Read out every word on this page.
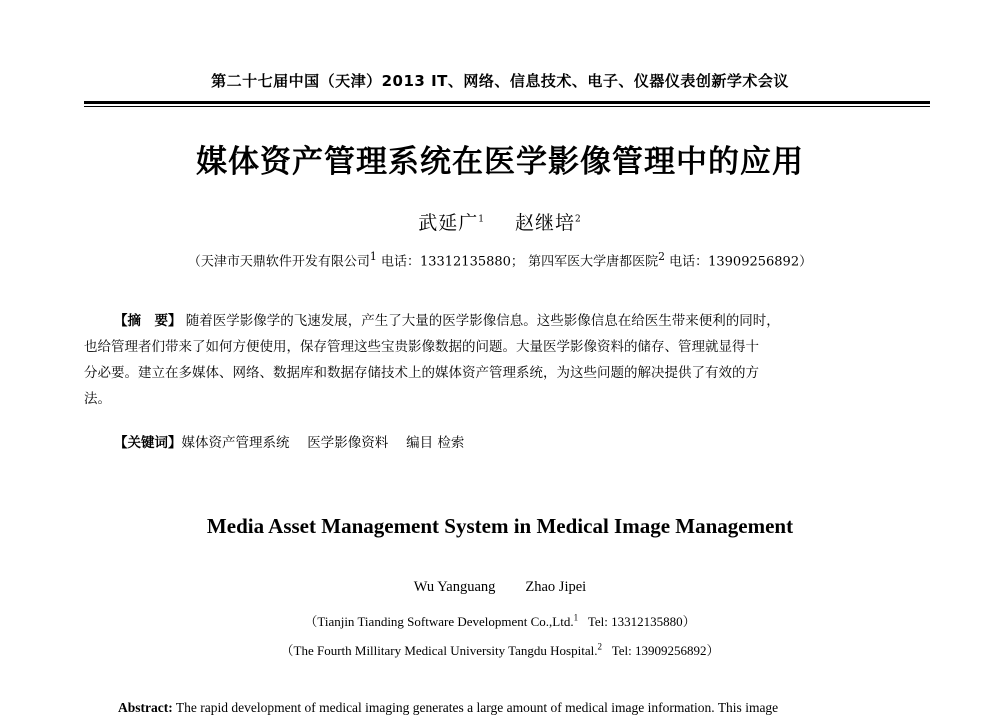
第二十七届中国（天津）2013 IT、网络、信息技术、电子、仪器仪表创新学术会议
媒体资产管理系统在医学影像管理中的应用
武延广$^1$ 赵继培$^2$
（天津市天鼎软件开发有限公司$^1$ 电话：13312135880； 第四军医大学唐都医院$^2$ 电话：13909256892）
【摘　要】 随着医学影像学的飞速发展，产生了大量的医学影像信息。这些影像信息在给医生带来便利的同时，
也给管理者们带来了如何方便使用，保存管理这些宝贵影像数据的问题。大量医学影像资料的储存、管理就显得十
分必要。建立在多媒体、网络、数据库和数据存储技术上的媒体资产管理系统，为这些问题的解决提供了有效的方
法。
【关键词】媒体资产管理系统　 医学影像资料　 编目 检索
Media Asset Management System in Medical Image Management
Wu Yanguang Zhao Jipei
（Tianjin Tianding Software Development Co.,Ltd.$^1$ Tel: 13312135880）
（The Fourth Millitary Medical University Tangdu Hospital.$^2$ Tel: 13909256892）
Abstract: The rapid development of medical imaging generates a large amount of medical image information. This image
